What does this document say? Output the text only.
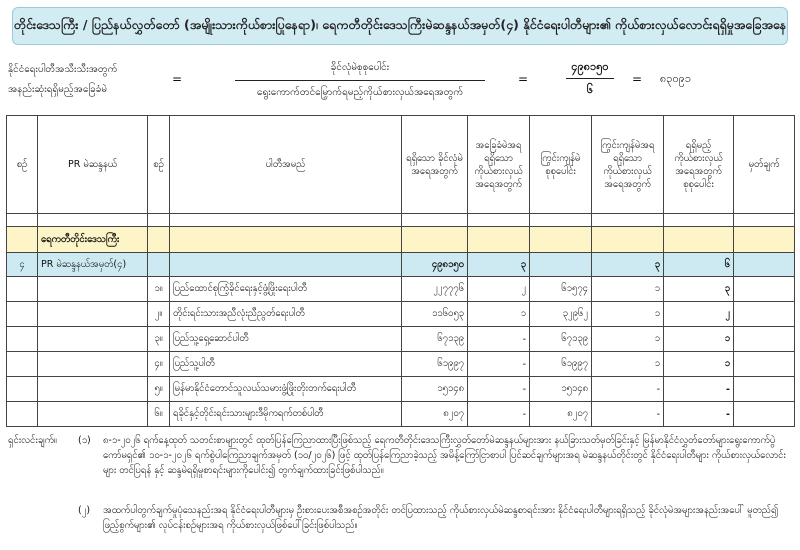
တိုင်းဒေသကြီး / ပြည်နယ်လွှတ်တော် (အမျိုးသားကိုယ်စားပြုနေရာ)၊ ရေကတီတိုင်းဒေသကြီးမဲဆန္ဒနယ်အမှတ်(၄) နိုင်ငံရေးပါတီများ၏ ကိုယ်စားလှယ်လောင်းရရှိမှုအခြေအနေ
နိုင်ငံရေးပါတီအသီးသီးအတွက်
အနည်းဆုံးရရှိမည့်အခြေခံမဲ
=
ခိုင်လုံမဲစုစုပေါင်း
ရွေးကောက်တင်မြှောက်ရမည့်ကိုယ်စားလှယ်အရေအတွက်
=
၄၉၈၁၅၀
၆
= ၈၃၀၉၁
စဉ်	PR မဲဆန္ဒနယ်	စဉ်	ပါတီအမည်	ရရှိသော ခိုင်လုံမဲ အရေအတွက်	အခြေခံမဲအရ ရရှိသော ကိုယ်စားလှယ် အရေအတွက်	ကြွင်းကျန်မဲ စုစုပေါင်း	ကြွင်းကျန်မဲအရ ရရှိသော ကိုယ်စားလှယ် အရေအတွက်	ရရှိမည့် ကိုယ်စားလှယ် အရေအတွက် စုစုပေါင်း	မှတ်ချက်

	ရေကတီတိုင်းဒေသကြီး								
၄	PR မဲဆန္ဒနယ်အမှတ်(၄)			၄၉၈၁၅၀	၃		၃	၆	
		၁။	ပြည်ထောင်စုကြံ့ခိုင်ရေးနှင့်ဖွံ့ဖြိုးရေးပါတီ	၂၂၇၇၇၆	၂	၆၁၅၇၄	၁	၃	
		၂။	တိုင်းရင်းသားအညီလုံးညီညွတ်ရေးပါတီ	၁၁၆၀၅၃	၁	၃၂၉၆၂	၁	၂	
		၃။	ပြည်သူ့ရှေ့ဆောင်ပါတီ	၆၇၁၃၉	-	၆၇၁၃၉	၁	၁	
		၄။	ပြည်သူ့ပါတီ	၆၁၉၉၇	-	၆၁၉၉၇	၁	၁	
		၅။	မြန်မာနိုင်ငံတောင်သူလယ်သမားဖွံ့ဖြိုးတိုးတက်ရေးပါတီ	၁၅၁၄၈	-	၁၅၁၄၈	-	-	
		၆။	ရခိုင်နှင့်တိုင်းရင်းသားများဒီမိုကရက်တစ်ပါတီ	၈၂၀၇	-	၈၂၀၇	-	-	
ရှင်းလင်းချက်။ (၁) ၈-၁-၂၀၂၆ ရက်နေ့ထုတ် သတင်းစာများတွင် ထုတ်ပြန်ကြေညာထားပြီးဖြစ်သည့် ရေကတီတိုင်းဒေသကြီးလွှတ်တော်မဲဆန္ဒနယ်များအား နယ်ခြားသတ်မှတ်ခြင်းနှင့် မြန်မာနိုင်ငံလွှတ်တော်များရွေးကောက်ပွဲ ကော်မရှင်၏ ၁၀-၁-၂၀၂၆ ရက်စွဲပါကြေညာချက်အမှတ် (၁၀/၂၀၂၆) ဖြင့် ထုတ်ပြန်ကြေညာခဲ့သည့် အမိန့်ကြော်ငြာစာပါ ပြင်ဆင်ချက်များအရ မဲဆန္ဒနယ်တိုင်းတွင် နိုင်ငံရေးပါတီများ ကိုယ်စားလှယ်လောင်းများ တင်ပြရန် နှင့် ဆန္ဒမဲရရှိမှုစာရင်းများကိုပေါင်း၍ တွက်ချက်ထားခြင်းဖြစ်ပါသည်။
(၂) အထက်ပါတွက်ချက်မှုပုံသေနည်းအရ နိုင်ငံရေးပါတီများမှ ဦးစားပေးအစီအစဉ်အတိုင်း တင်ပြထားသည့် ကိုယ်စားလှယ်မဲဆန္ဒစာရင်းအား နိုင်ငံရေးပါတီများရရှိသည့် ခိုင်လုံမဲအများအနည်းအပေါ် မူတည်၍ ဖြည့်စွက်များ၏ လုပ်ငန်းစဉ်များအရ ကိုယ်စားလှယ်ဖြစ်ပေါ်ခြင်းဖြစ်ပါသည်။
